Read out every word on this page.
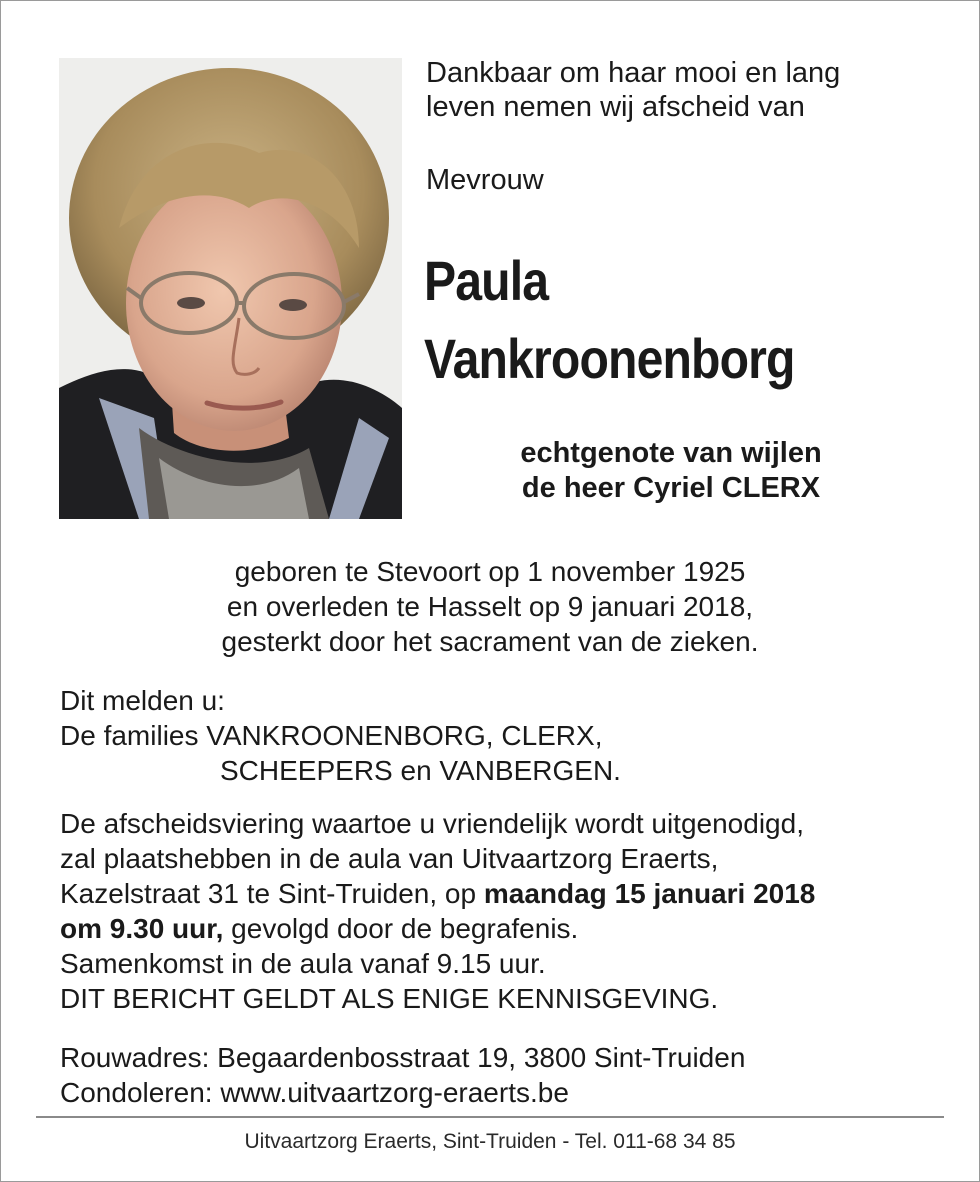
Dankbaar om haar mooi en lang
leven nemen wij afscheid van

Mevrouw

Paula
Vankroonenborg

echtgenote van wijlen
de heer Cyriel CLERX

geboren te Stevoort op 1 november 1925
en overleden te Hasselt op 9 januari 2018,
gesterkt door het sacrament van de zieken.

Dit melden u:
De families VANKROONENBORG, CLERX,
SCHEEPERS en VANBERGEN.

De afscheidsviering waartoe u vriendelijk wordt uitgenodigd,
zal plaatshebben in de aula van Uitvaartzorg Eraerts,
Kazelstraat 31 te Sint-Truiden, op maandag 15 januari 2018
om 9.30 uur, gevolgd door de begrafenis.
Samenkomst in de aula vanaf 9.15 uur.
DIT BERICHT GELDT ALS ENIGE KENNISGEVING.

Rouwadres: Begaardenbosstraat 19, 3800 Sint-Truiden
Condoleren: www.uitvaartzorg-eraerts.be

Uitvaartzorg Eraerts, Sint-Truiden - Tel. 011-68 34 85
